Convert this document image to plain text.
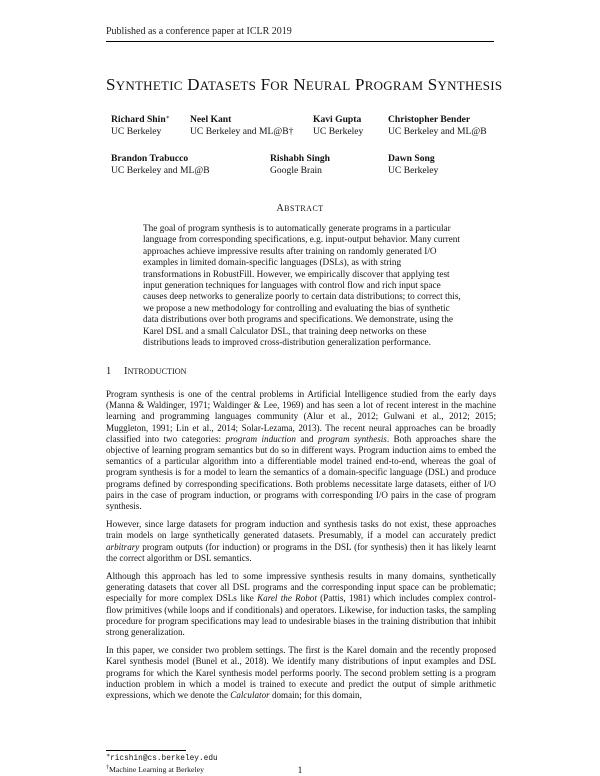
Published as a conference paper at ICLR 2019
SYNTHETIC DATASETS FOR NEURAL PROGRAM SYNTHESIS
Richard Shin∗
UC Berkeley
Neel Kant
UC Berkeley and ML@B†
Kavi Gupta
UC Berkeley
Christopher Bender
UC Berkeley and ML@B
Brandon Trabucco
UC Berkeley and ML@B
Rishabh Singh
Google Brain
Dawn Song
UC Berkeley
ABSTRACT
The goal of program synthesis is to automatically generate programs in a particular language from corresponding specifications, e.g. input-output behavior. Many current approaches achieve impressive results after training on randomly generated I/O examples in limited domain-specific languages (DSLs), as with string transformations in RobustFill. However, we empirically discover that applying test input generation techniques for languages with control flow and rich input space causes deep networks to generalize poorly to certain data distributions; to correct this, we propose a new methodology for controlling and evaluating the bias of synthetic data distributions over both programs and specifications. We demonstrate, using the Karel DSL and a small Calculator DSL, that training deep networks on these distributions leads to improved cross-distribution generalization performance.
1 INTRODUCTION

Program synthesis is one of the central problems in Artificial Intelligence studied from the early days (Manna & Waldinger, 1971; Waldinger & Lee, 1969) and has seen a lot of recent interest in the machine learning and programming languages community (Alur et al., 2012; Gulwani et al., 2012; 2015; Muggleton, 1991; Lin et al., 2014; Solar-Lezama, 2013). The recent neural approaches can be broadly classified into two categories: program induction and program synthesis. Both approaches share the objective of learning program semantics but do so in different ways. Program induction aims to embed the semantics of a particular algorithm into a differentiable model trained end-to-end, whereas the goal of program synthesis is for a model to learn the semantics of a domain-specific language (DSL) and produce programs defined by corresponding specifications. Both problems necessitate large datasets, either of I/O pairs in the case of program induction, or programs with corresponding I/O pairs in the case of program synthesis.

However, since large datasets for program induction and synthesis tasks do not exist, these approaches train models on large synthetically generated datasets. Presumably, if a model can accurately predict arbitrary program outputs (for induction) or programs in the DSL (for synthesis) then it has likely learnt the correct algorithm or DSL semantics.

Although this approach has led to some impressive synthesis results in many domains, synthetically generating datasets that cover all DSL programs and the corresponding input space can be problematic; especially for more complex DSLs like Karel the Robot (Pattis, 1981) which includes complex control-flow primitives (while loops and if conditionals) and operators. Likewise, for induction tasks, the sampling procedure for program specifications may lead to undesirable biases in the training distribution that inhibit strong generalization.

In this paper, we consider two problem settings. The first is the Karel domain and the recently proposed Karel synthesis model (Bunel et al., 2018). We identify many distributions of input examples and DSL programs for which the Karel synthesis model performs poorly. The second problem setting is a program induction problem in which a model is trained to execute and predict the output of simple arithmetic expressions, which we denote the Calculator domain; for this domain,

∗ricshin@cs.berkeley.edu
†Machine Learning at Berkeley	1
